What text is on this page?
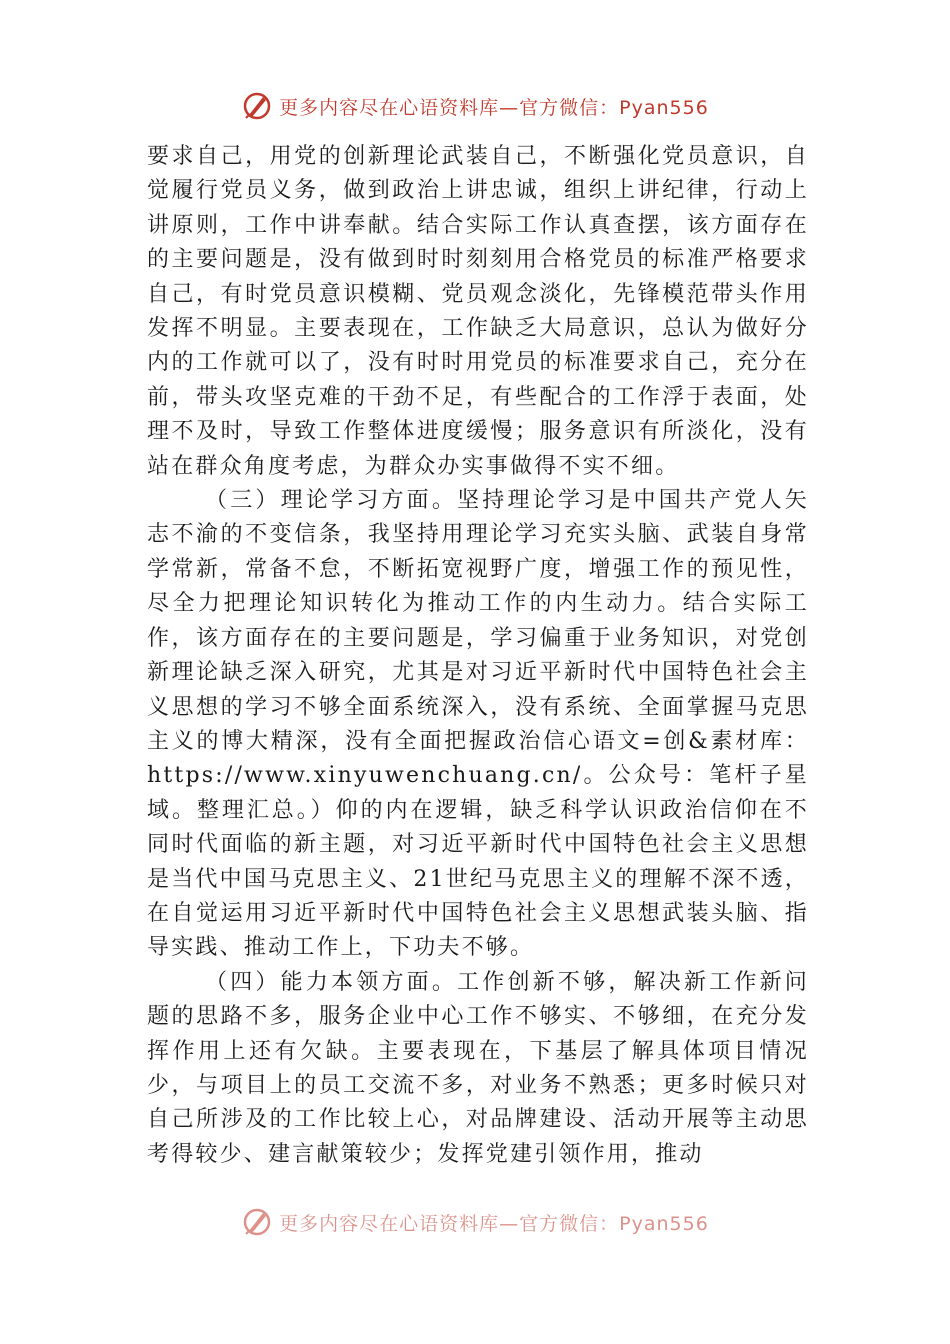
更多内容尽在心语资料库—官方微信：Pyan556

要求自己，用党的创新理论武装自己，不断强化党员意识，自觉履行党员义务，做到政治上讲忠诚，组织上讲纪律，行动上讲原则，工作中讲奉献。结合实际工作认真查摆，该方面存在的主要问题是，没有做到时时刻刻用合格党员的标准严格要求自己，有时党员意识模糊、党员观念淡化，先锋模范带头作用发挥不明显。主要表现在，工作缺乏大局意识，总认为做好分内的工作就可以了，没有时时用党员的标准要求自己，充分在前，带头攻坚克难的干劲不足，有些配合的工作浮于表面，处理不及时，导致工作整体进度缓慢；服务意识有所淡化，没有站在群众角度考虑，为群众办实事做得不实不细。

（三）理论学习方面。坚持理论学习是中国共产党人矢志不渝的不变信条，我坚持用理论学习充实头脑、武装自身常学常新，常备不怠，不断拓宽视野广度，增强工作的预见性，尽全力把理论知识转化为推动工作的内生动力。结合实际工作，该方面存在的主要问题是，学习偏重于业务知识，对党创新理论缺乏深入研究，尤其是对习近平新时代中国特色社会主义思想的学习不够全面系统深入，没有系统、全面掌握马克思主义的博大精深，没有全面把握政治信心语文=创&素材库：https://www.xinyuwenchuang.cn/。公众号：笔杆子星域。整理汇总。）仰的内在逻辑，缺乏科学认识政治信仰在不同时代面临的新主题，对习近平新时代中国特色社会主义思想是当代中国马克思主义、21世纪马克思主义的理解不深不透，在自觉运用习近平新时代中国特色社会主义思想武装头脑、指导实践、推动工作上，下功夫不够。

（四）能力本领方面。工作创新不够，解决新工作新问题的思路不多，服务企业中心工作不够实、不够细，在充分发挥作用上还有欠缺。主要表现在，下基层了解具体项目情况少，与项目上的员工交流不多，对业务不熟悉；更多时候只对自己所涉及的工作比较上心，对品牌建设、活动开展等主动思考得较少、建言献策较少；发挥党建引领作用，推动

更多内容尽在心语资料库—官方微信：Pyan556
